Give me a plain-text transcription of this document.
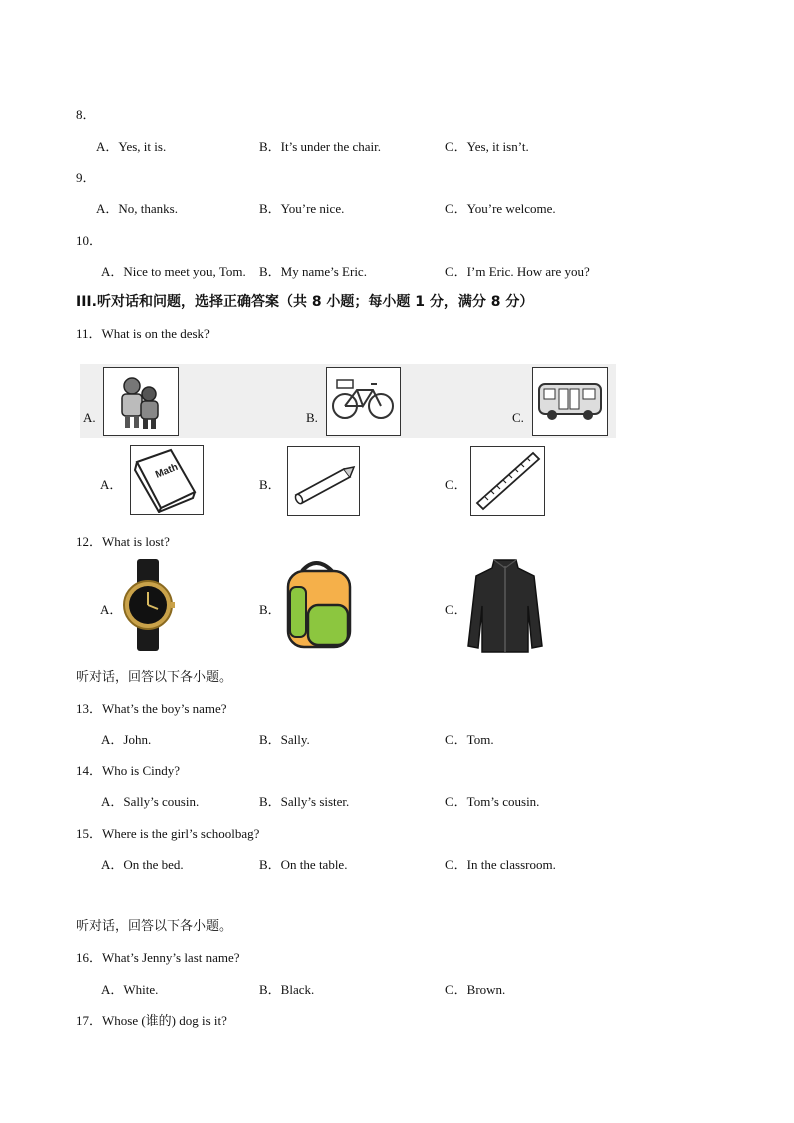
8．
A．Yes, it is.	B．It’s under the chair.	C．Yes, it isn’t.
9．
A．No, thanks.	B．You’re nice.	C．You’re welcome.
10．
A．Nice to meet you, Tom. B．My name’s Eric.	C．I’m Eric. How are you?
III.听对话和问题，选择正确答案（共 8 小题；每小题 1 分，满分 8 分）
11．What is on the desk?
A.	B.	C.
A．
Math
B．	C．
12．What is lost?
A．	B．	C．
听对话，回答以下各小题。
13．What’s the boy’s name?
A．John.	B．Sally.	C．Tom.
14．Who is Cindy?
A．Sally’s cousin.	B．Sally’s sister.	C．Tom’s cousin.
15．Where is the girl’s schoolbag?
A．On the bed.	B．On the table.	C．In the classroom.
听对话，回答以下各小题。
16．What’s Jenny’s last name?
A．White.	B．Black.	C．Brown.
17．Whose (谁的) dog is it?
